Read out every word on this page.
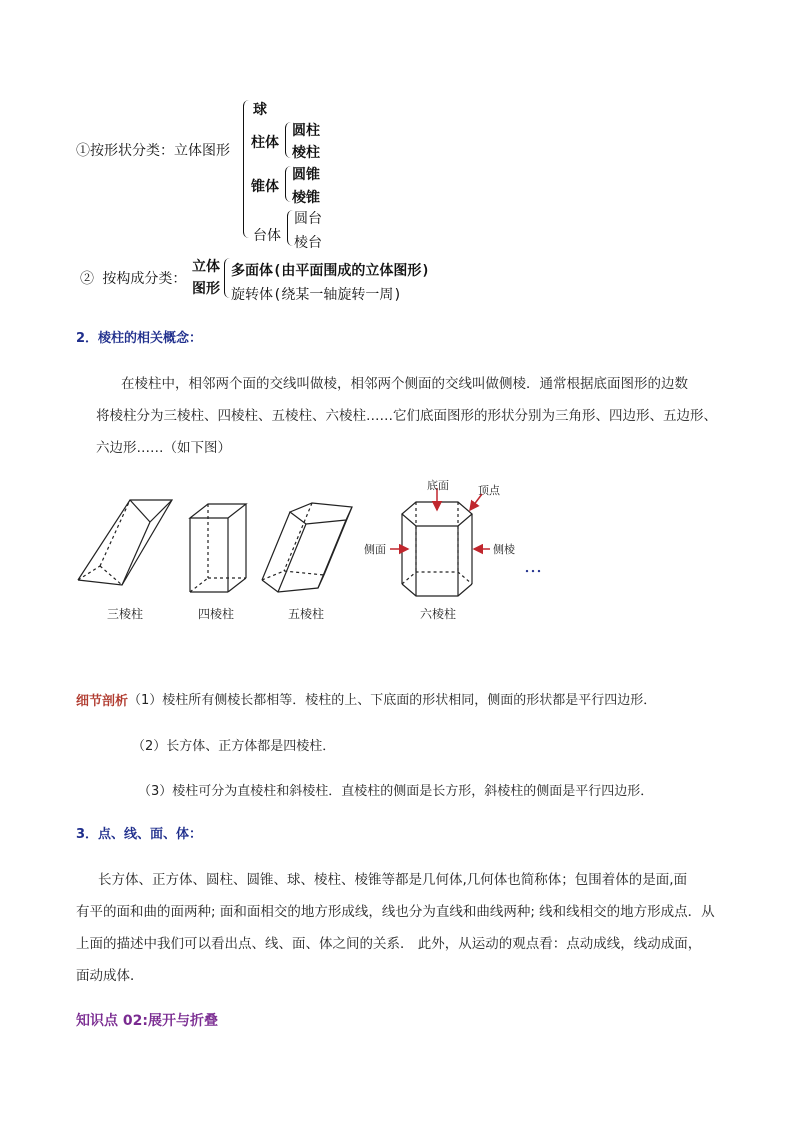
①按形状分类：立体图形
球
柱体
圆柱
棱柱
锥体
圆锥
棱锥
台体
圆台
棱台
② 按构成分类：
立体
图形
多面体(由平面围成的立体图形)
旋转体(绕某一轴旋转一周)
2．棱柱的相关概念：
在棱柱中，相邻两个面的交线叫做棱，相邻两个侧面的交线叫做侧棱．通常根据底面图形的边数
将棱柱分为三棱柱、四棱柱、五棱柱、六棱柱……它们底面图形的形状分别为三角形、四边形、五边形、
六边形……（如下图）
底面	顶点
侧面	侧棱
…
三棱柱	四棱柱	五棱柱	六棱柱
细节剖析 （1）棱柱所有侧棱长都相等．棱柱的上、下底面的形状相同，侧面的形状都是平行四边形．
（2）长方体、正方体都是四棱柱．
（3）棱柱可分为直棱柱和斜棱柱．直棱柱的侧面是长方形，斜棱柱的侧面是平行四边形．
3．点、线、面、体：
长方体、正方体、圆柱、圆锥、球、棱柱、棱锥等都是几何体,几何体也简称体；包围着体的是面,面
有平的面和曲的面两种; 面和面相交的地方形成线，线也分为直线和曲线两种; 线和线相交的地方形成点．从
上面的描述中我们可以看出点、线、面、体之间的关系． 此外，从运动的观点看：点动成线，线动成面，
面动成体．
知识点 02:展开与折叠
